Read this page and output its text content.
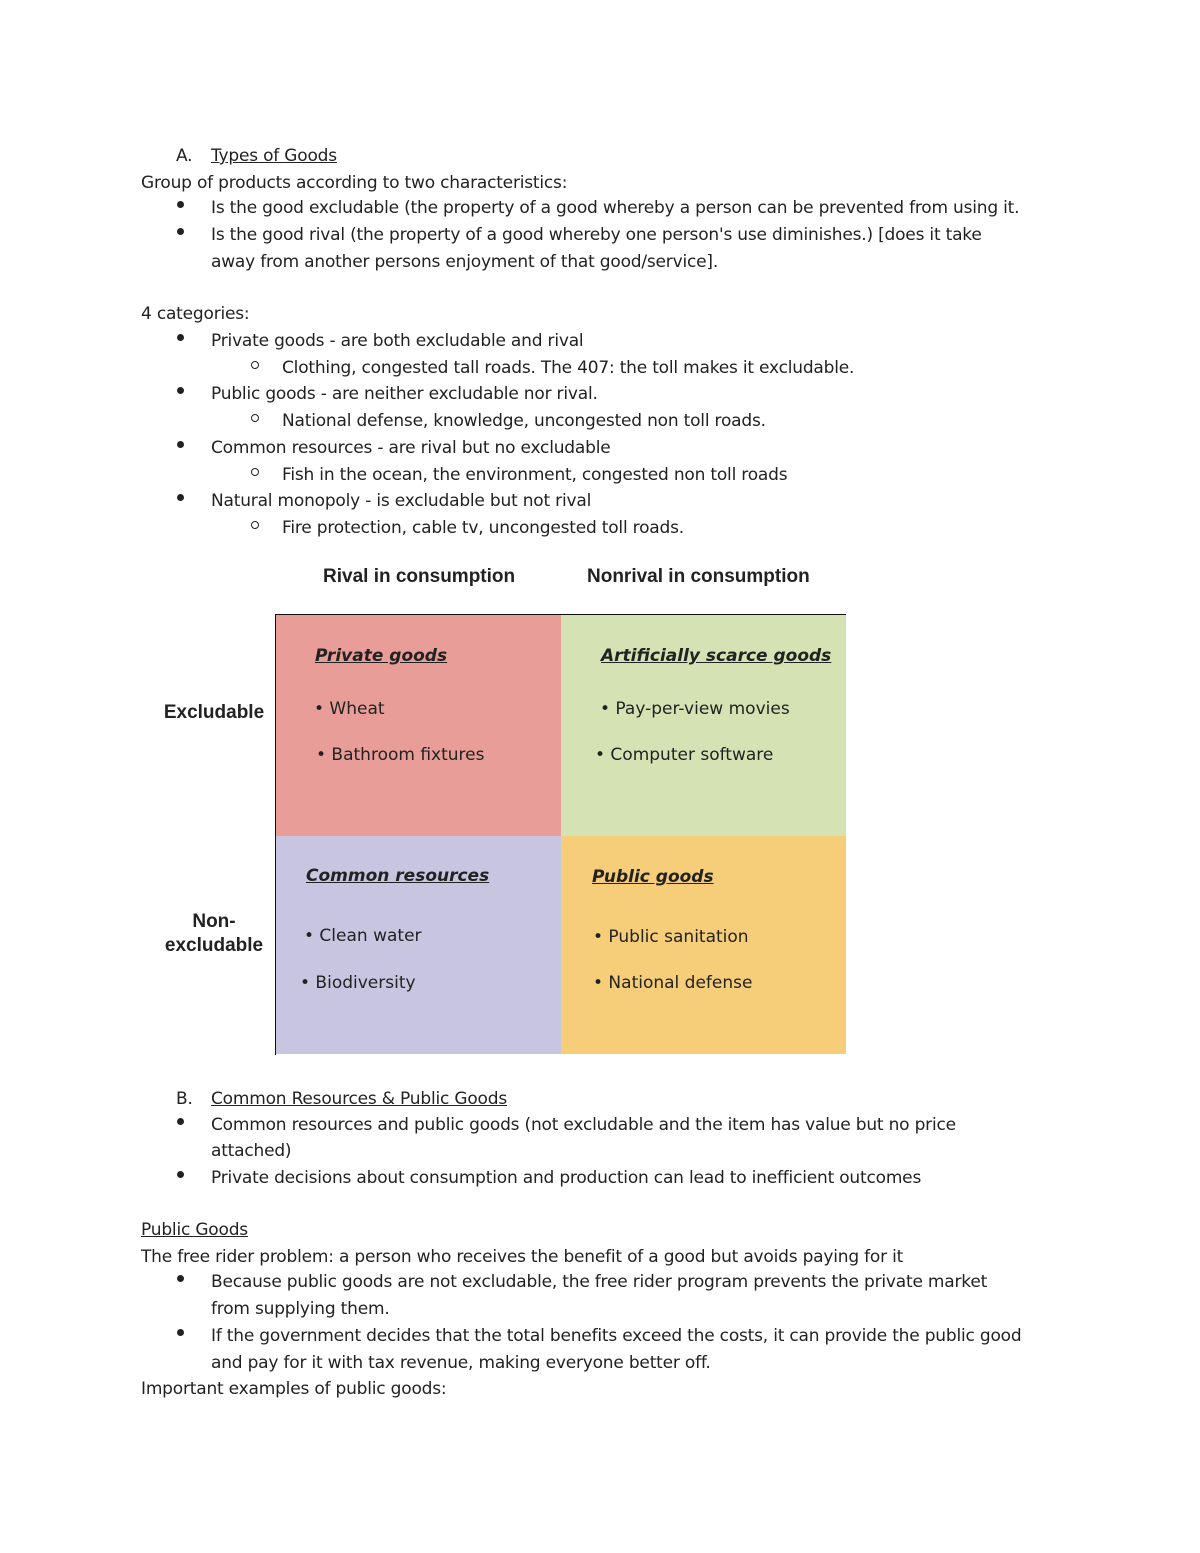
A. Types of Goods
Group of products according to two characteristics:
Is the good excludable (the property of a good whereby a person can be prevented from using it.
Is the good rival (the property of a good whereby one person's use diminishes.) [does it take
away from another persons enjoyment of that good/service].
4 categories:
Private goods - are both excludable and rival
Clothing, congested tall roads. The 407: the toll makes it excludable.
Public goods - are neither excludable nor rival.
National defense, knowledge, uncongested non toll roads.
Common resources - are rival but no excludable
Fish in the ocean, the environment, congested non toll roads
Natural monopoly - is excludable but not rival
Fire protection, cable tv, uncongested toll roads.
Rival in consumption	Nonrival in consumption
Excludable
Non-
excludable
Private goods
• Wheat
• Bathroom fixtures
Artificially scarce goods
• Pay-per-view movies
• Computer software
Common resources
• Clean water
• Biodiversity
Public goods
• Public sanitation
• National defense
B. Common Resources & Public Goods
Common resources and public goods (not excludable and the item has value but no price
attached)
Private decisions about consumption and production can lead to inefficient outcomes
Public Goods
The free rider problem: a person who receives the benefit of a good but avoids paying for it
Because public goods are not excludable, the free rider program prevents the private market
from supplying them.
If the government decides that the total benefits exceed the costs, it can provide the public good
and pay for it with tax revenue, making everyone better off.
Important examples of public goods:
